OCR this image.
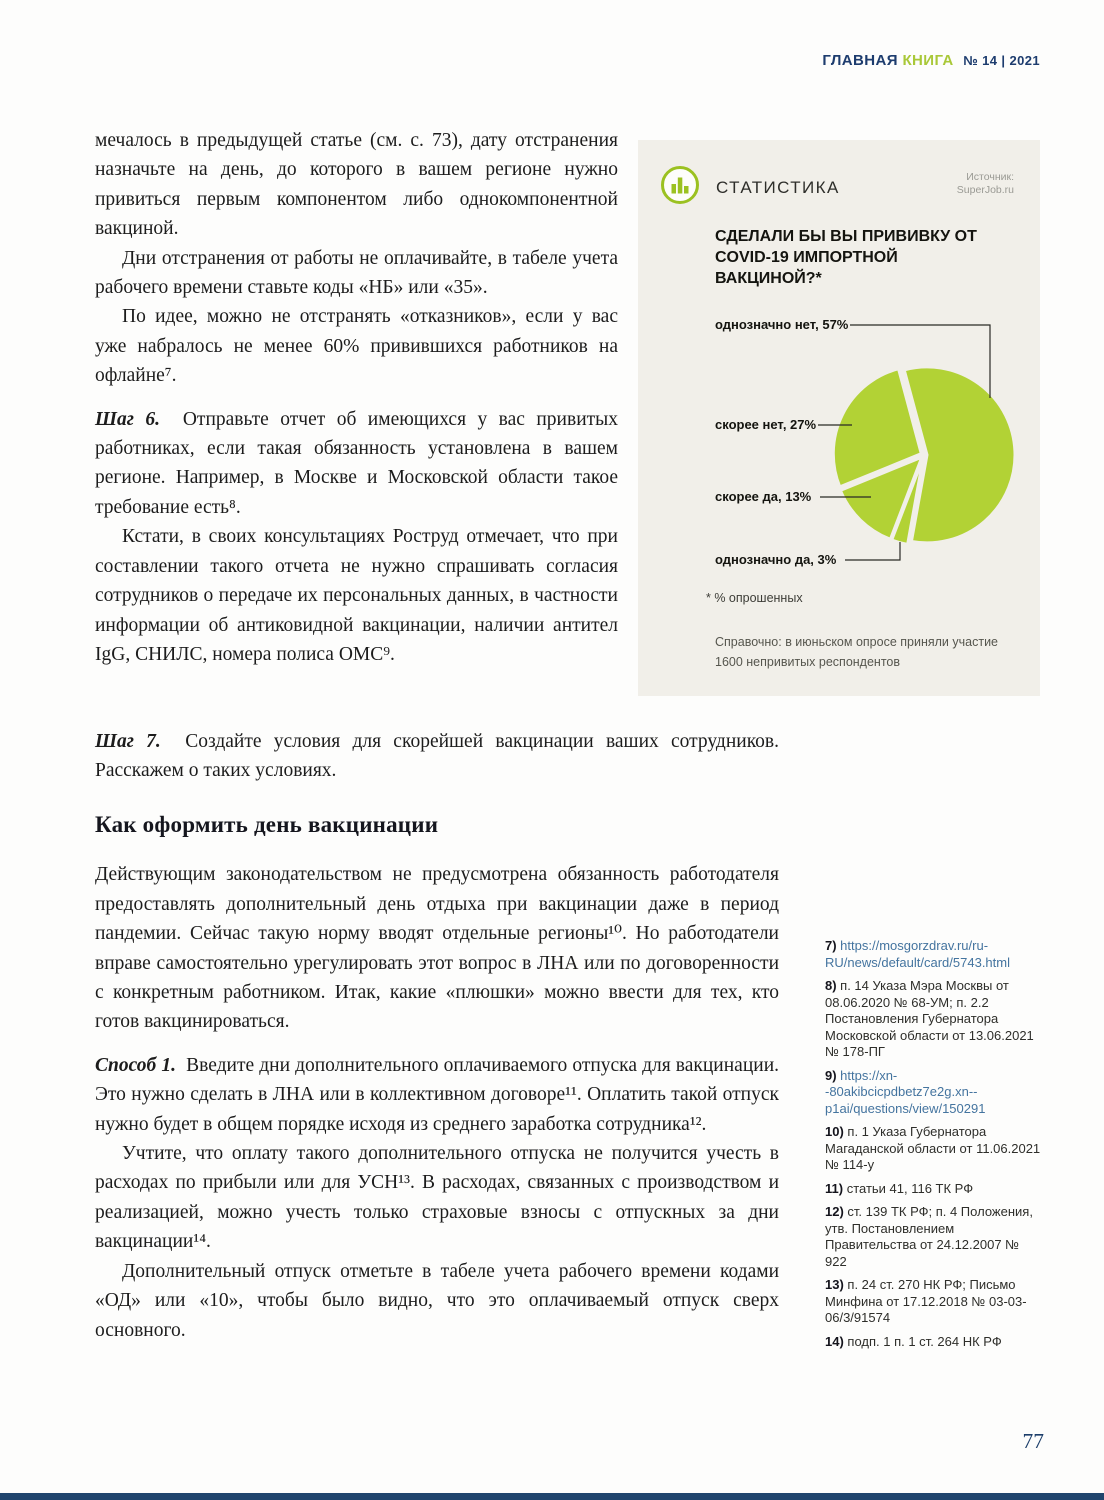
ГЛАВНАЯ КНИГА № 14 | 2021

мечалось в предыдущей статье (см. с. 73), дату отстранения назначьте на день, до которого в вашем регионе нужно привиться первым компонентом либо однокомпонентной вакциной.

Дни отстранения от работы не оплачивайте, в табеле учета рабочего времени ставьте коды «НБ» или «35».

По идее, можно не отстранять «отказников», если у вас уже набралось не менее 60% привившихся работников на офлайне⁷.

Шаг 6.  Отправьте отчет об имеющихся у вас привитых работниках, если такая обязанность установлена в вашем регионе. Например, в Москве и Московской области такое требование есть⁸.

Кстати, в своих консультациях Роструд отмечает, что при составлении такого отчета не нужно спрашивать согласия сотрудников о передаче их персональных данных, в частности информации об антиковидной вакцинации, наличии антител IgG, СНИЛС, номера полиса ОМС⁹.

СТАТИСТИКА
Источник:
SuperJob.ru
СДЕЛАЛИ БЫ ВЫ ПРИВИВКУ ОТ COVID-19 ИМПОРТНОЙ ВАКЦИНОЙ?*
однозначно нет, 57%
скорее нет, 27%
скорее да, 13%
однозначно да, 3%
* % опрошенных
Справочно: в июньском опросе приняли участие 1600 непривитых респондентов

Шаг 7.  Создайте условия для скорейшей вакцинации ваших сотрудников. Расскажем о таких условиях.

Как оформить день вакцинации

Действующим законодательством не предусмотрена обязанность работодателя предоставлять дополнительный день отдыха при вакцинации даже в период пандемии. Сейчас такую норму вводят отдельные регионы¹⁰. Но работодатели вправе самостоятельно урегулировать этот вопрос в ЛНА или по договоренности с конкретным работником. Итак, какие «плюшки» можно ввести для тех, кто готов вакцинироваться.

Способ 1.  Введите дни дополнительного оплачиваемого отпуска для вакцинации. Это нужно сделать в ЛНА или в коллективном договоре¹¹. Оплатить такой отпуск нужно будет в общем порядке исходя из среднего заработка сотрудника¹².

Учтите, что оплату такого дополнительного отпуска не получится учесть в расходах по прибыли или для УСН¹³. В расходах, связанных с производством и реализацией, можно учесть только страховые взносы с отпускных за дни вакцинации¹⁴.

Дополнительный отпуск отметьте в табеле учета рабочего времени кодами «ОД» или «10», чтобы было видно, что это оплачиваемый отпуск сверх основного.

7) https://mosgorzdrav.ru/ru-RU/news/default/card/5743.html
8) п. 14 Указа Мэра Москвы от 08.06.2020 № 68-УМ; п. 2.2 Постановления Губернатора Московской области от 13.06.2021 № 178-ПГ
9) https://xn--80akibcicpdbetz7e2g.xn--p1ai/questions/view/150291
10) п. 1 Указа Губернатора Магаданской области от 11.06.2021 № 114-у
11) статьи 41, 116 ТК РФ
12) ст. 139 ТК РФ; п. 4 Положения, утв. Постановлением Правительства от 24.12.2007 № 922
13) п. 24 ст. 270 НК РФ; Письмо Минфина от 17.12.2018 № 03-03-06/3/91574
14) подп. 1 п. 1 ст. 264 НК РФ
77
